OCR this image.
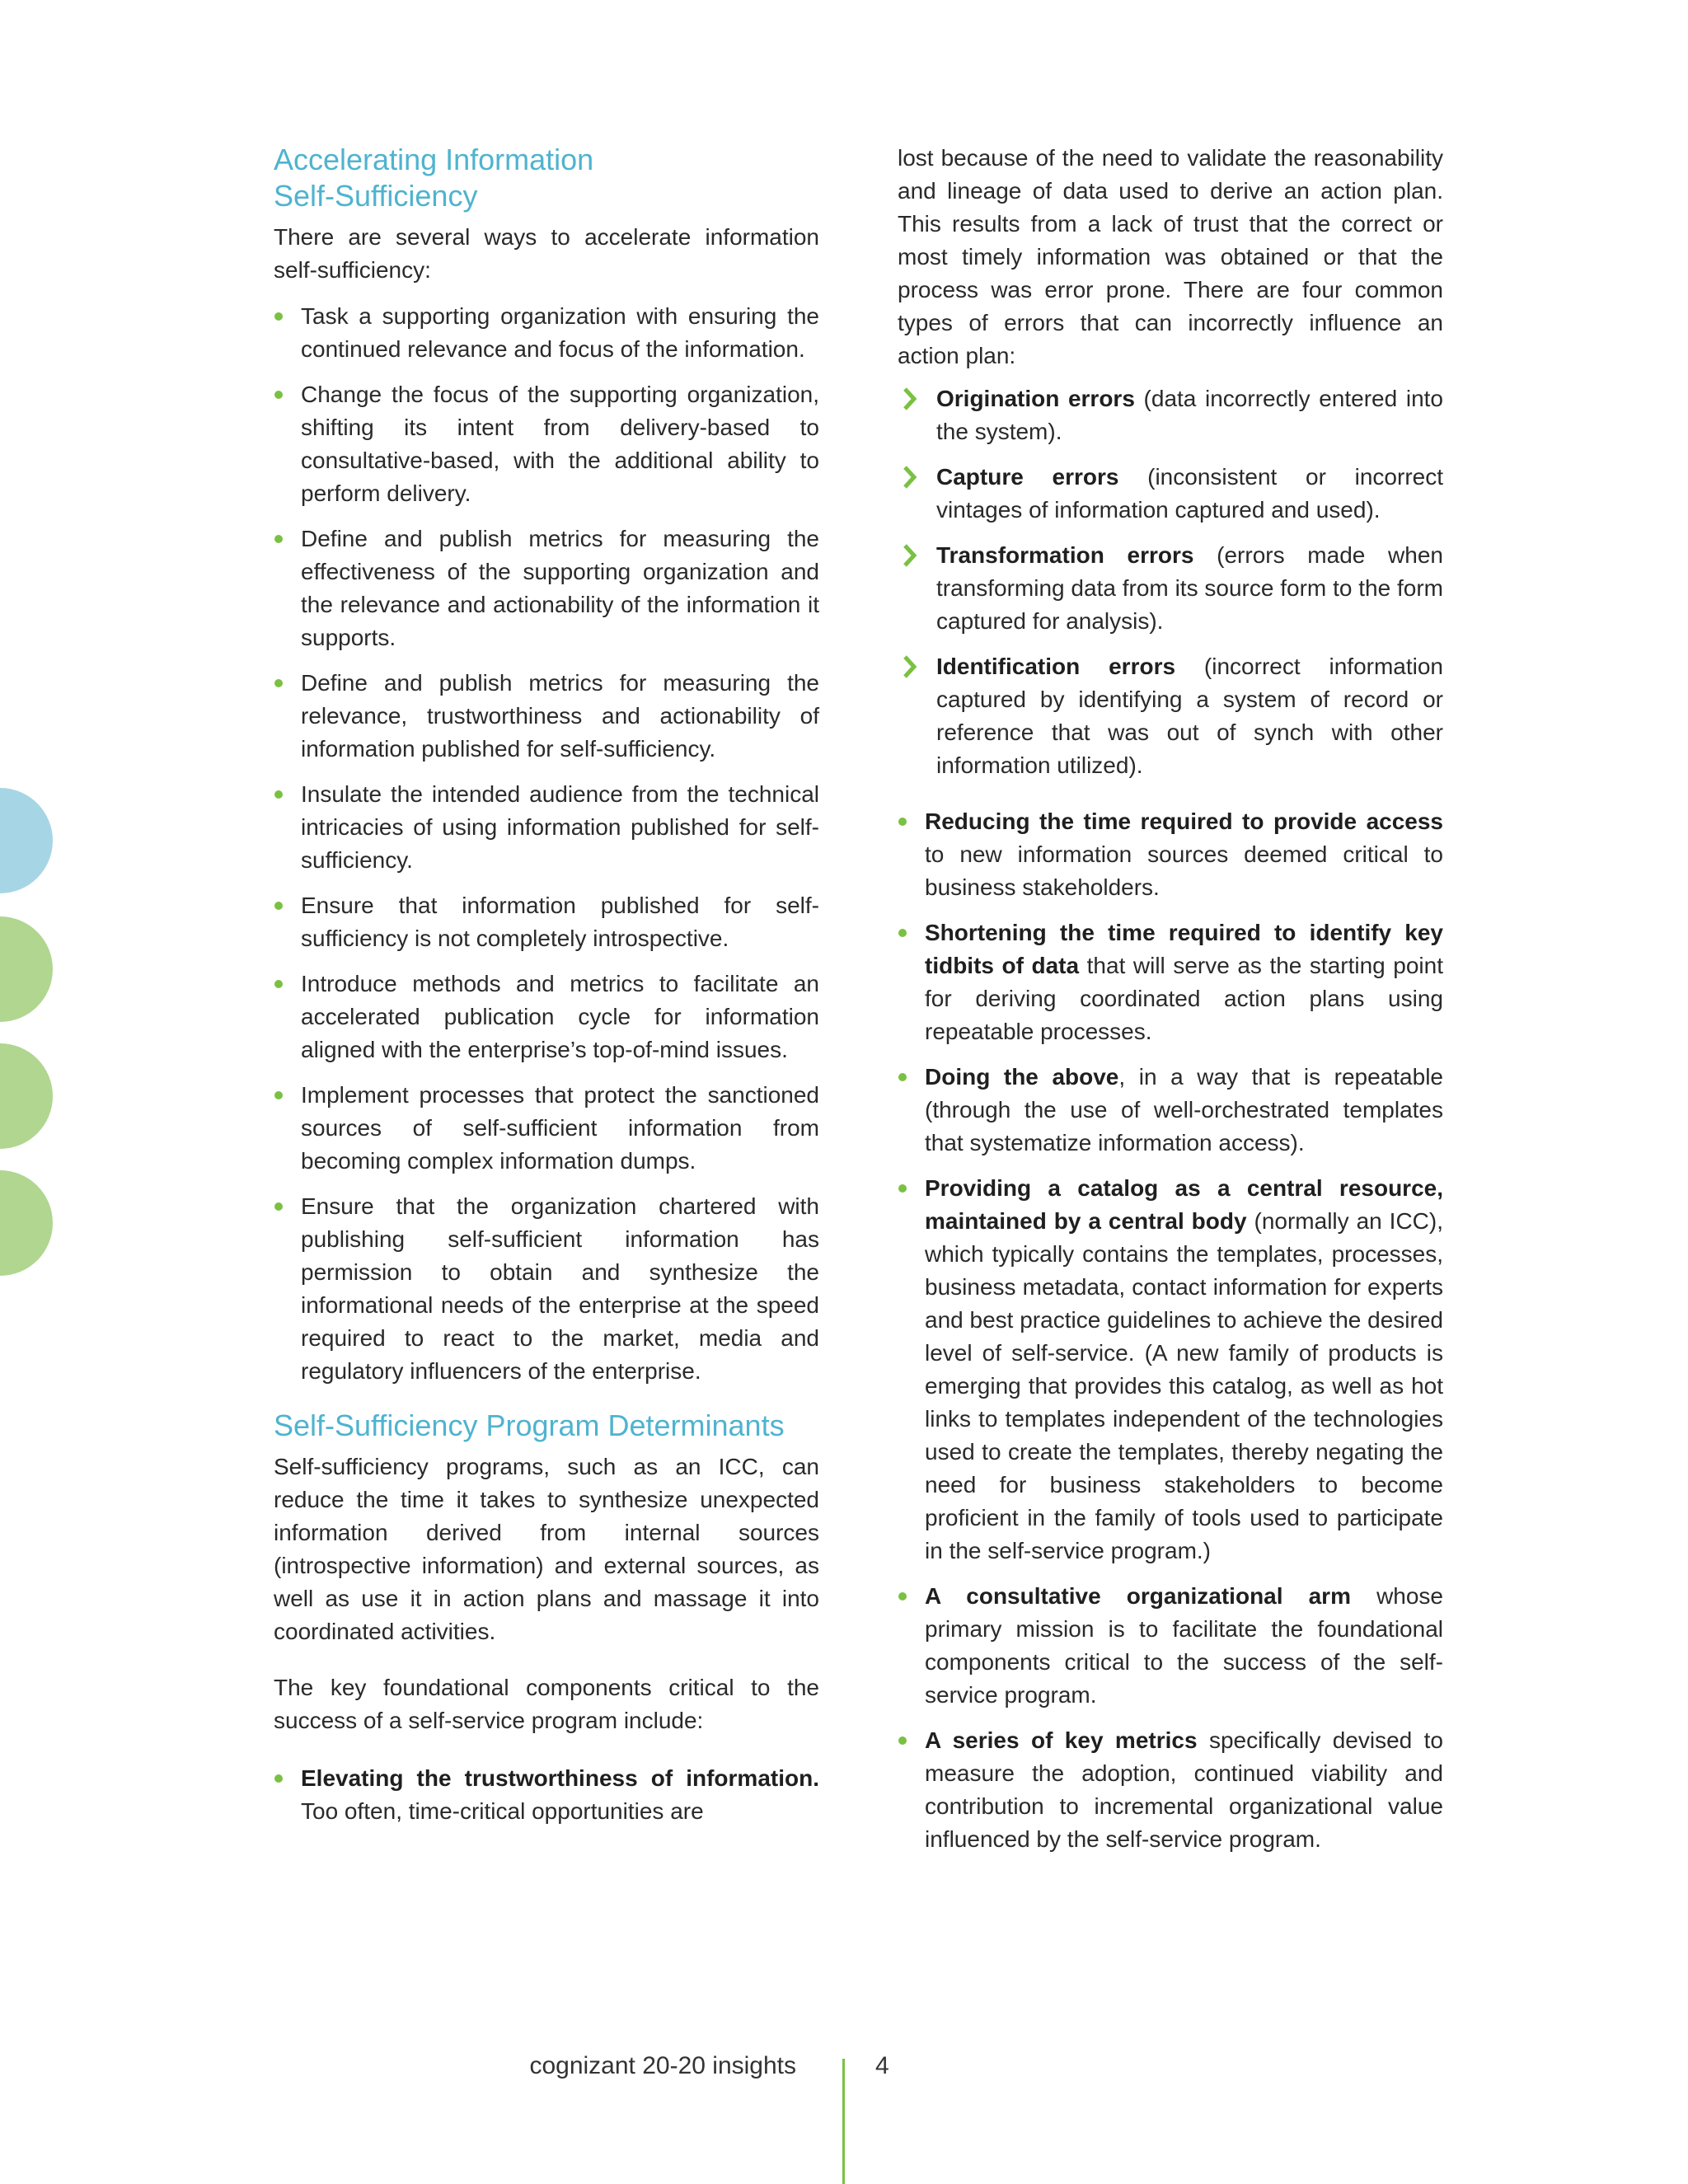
Accelerating Information Self-Sufficiency

There are several ways to accelerate information self-sufficiency:

Task a supporting organization with ensuring the continued relevance and focus of the information.
Change the focus of the supporting organization, shifting its intent from delivery-based to consultative-based, with the additional ability to perform delivery.
Define and publish metrics for measuring the effectiveness of the supporting organization and the relevance and actionability of the information it supports.
Define and publish metrics for measuring the relevance, trustworthiness and actionability of information published for self-sufficiency.
Insulate the intended audience from the technical intricacies of using information published for self-sufficiency.
Ensure that information published for self-sufficiency is not completely introspective.
Introduce methods and metrics to facilitate an accelerated publication cycle for information aligned with the enterprise’s top-of-mind issues.
Implement processes that protect the sanctioned sources of self-sufficient information from becoming complex information dumps.
Ensure that the organization chartered with publishing self-sufficient information has permission to obtain and synthesize the informational needs of the enterprise at the speed required to react to the market, media and regulatory influencers of the enterprise.
Self-Sufficiency Program Determinants

Self-sufficiency programs, such as an ICC, can reduce the time it takes to synthesize unexpected information derived from internal sources (introspective information) and external sources, as well as use it in action plans and massage it into coordinated activities.

The key foundational components critical to the success of a self-service program include:

Elevating the trustworthiness of information. Too often, time-critical opportunities are

lost because of the need to validate the reasonability and lineage of data used to derive an action plan. This results from a lack of trust that the correct or most timely information was obtained or that the process was error prone. There are four common types of errors that can incorrectly influence an action plan:

Origination errors (data incorrectly entered into the system).
Capture errors (inconsistent or incorrect vintages of information captured and used).
Transformation errors (errors made when transforming data from its source form to the form captured for analysis).
Identification errors (incorrect information captured by identifying a system of record or reference that was out of synch with other information utilized).
Reducing the time required to provide access to new information sources deemed critical to business stakeholders.
Shortening the time required to identify key tidbits of data that will serve as the starting point for deriving coordinated action plans using repeatable processes.
Doing the above, in a way that is repeatable (through the use of well-orchestrated templates that systematize information access).
Providing a catalog as a central resource, maintained by a central body (normally an ICC), which typically contains the templates, processes, business metadata, contact information for experts and best practice guidelines to achieve the desired level of self-service. (A new family of products is emerging that provides this catalog, as well as hot links to templates independent of the technologies used to create the templates, thereby negating the need for business stakeholders to become proficient in the family of tools used to participate in the self-service program.)
A consultative organizational arm whose primary mission is to facilitate the foundational components critical to the success of the self-service program.
A series of key metrics specifically devised to measure the adoption, continued viability and contribution to incremental organizational value influenced by the self-service program.
cognizant 20-20 insights	4
